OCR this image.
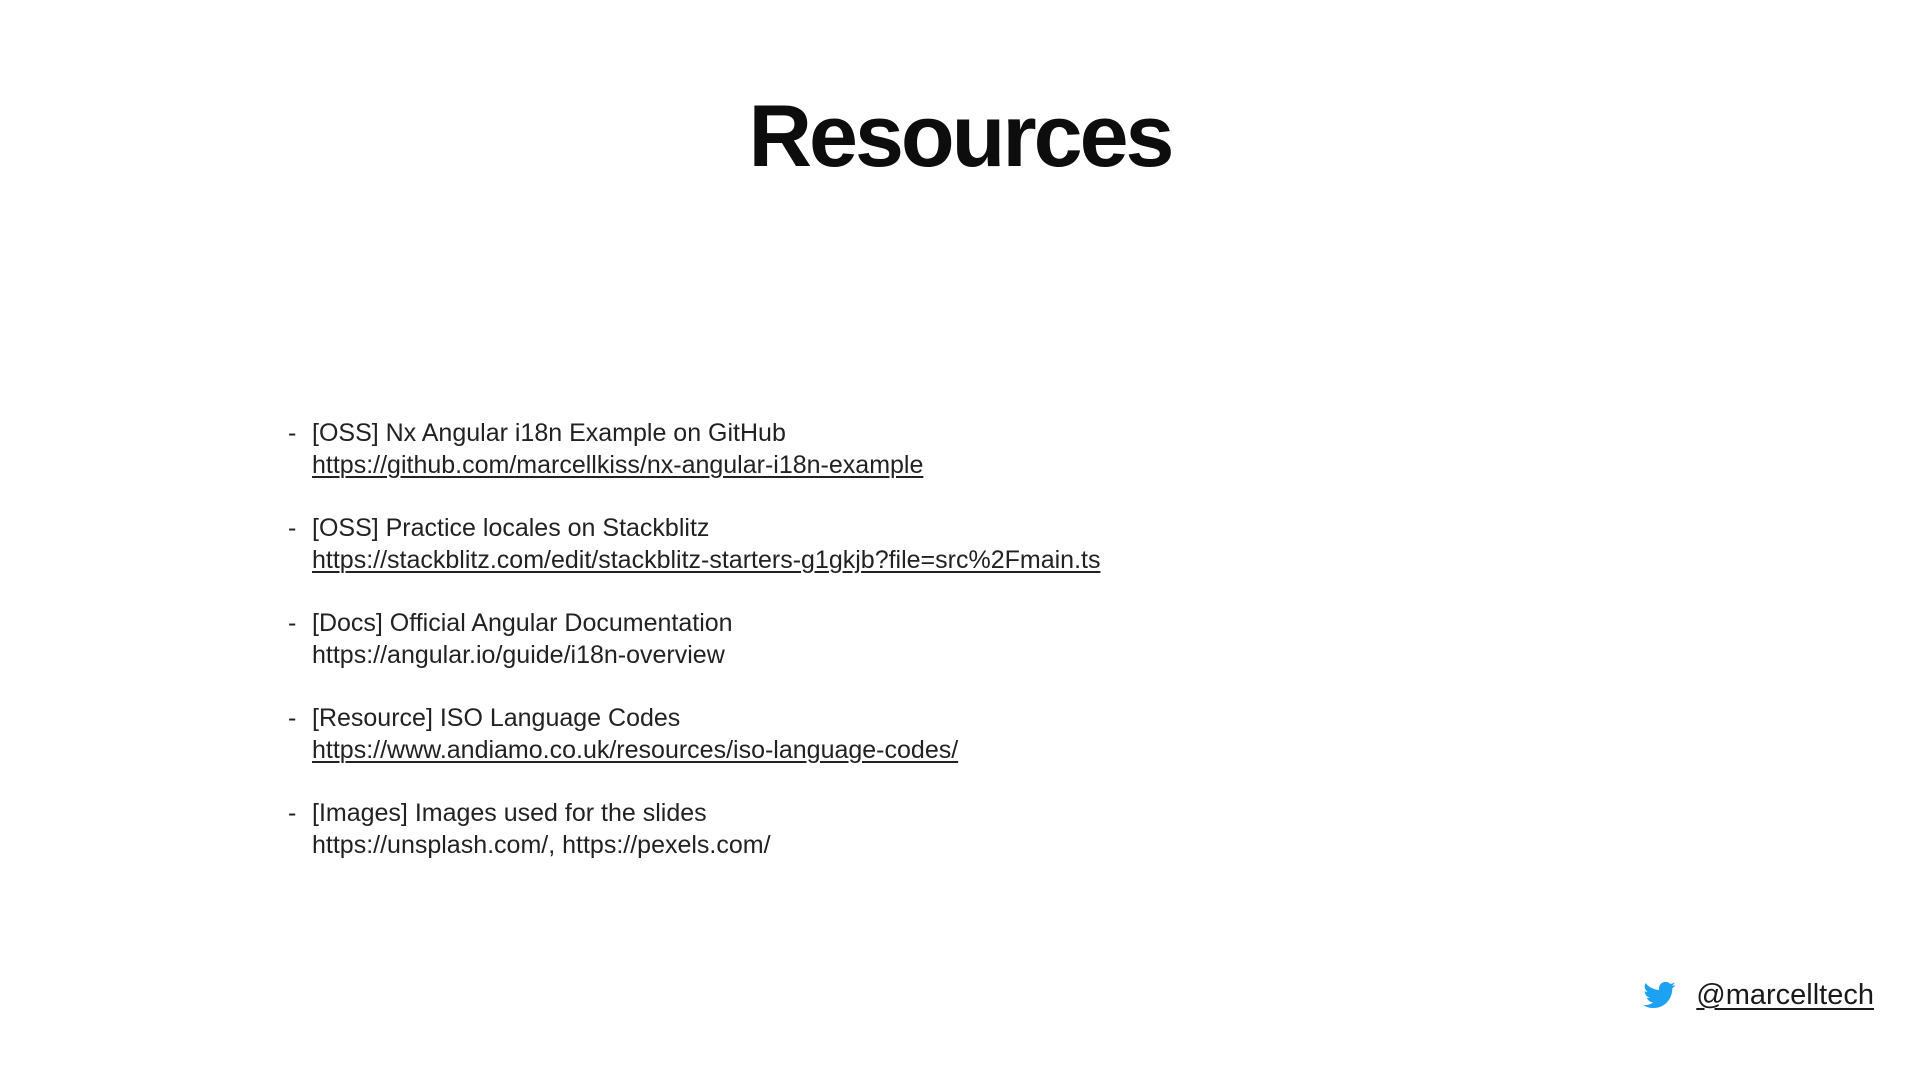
Resources
- [OSS] Nx Angular i18n Example on GitHub
https://github.com/marcellkiss/nx-angular-i18n-example
- [OSS] Practice locales on Stackblitz
https://stackblitz.com/edit/stackblitz-starters-g1gkjb?file=src%2Fmain.ts
- [Docs] Official Angular Documentation
https://angular.io/guide/i18n-overview
- [Resource] ISO Language Codes
https://www.andiamo.co.uk/resources/iso-language-codes/
- [Images] Images used for the slides
https://unsplash.com/, https://pexels.com/
@marcelltech
